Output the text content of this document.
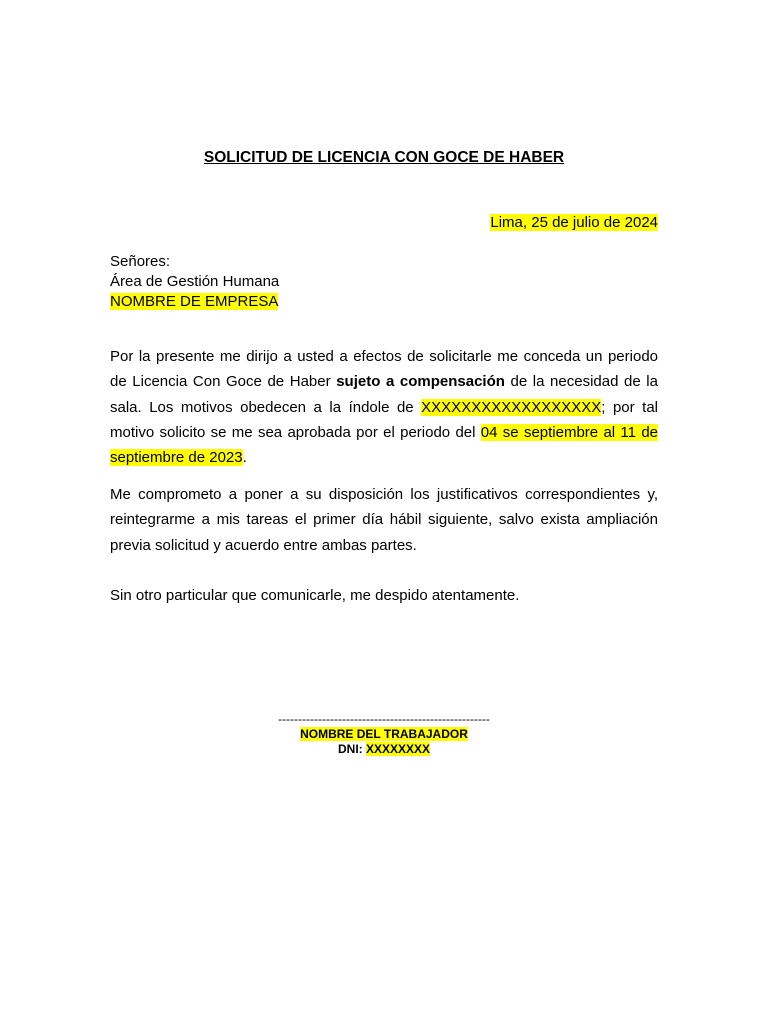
SOLICITUD DE LICENCIA CON GOCE DE HABER
Lima, 25 de julio de 2024
Señores:
Área de Gestión Humana
NOMBRE DE EMPRESA
Por la presente me dirijo a usted a efectos de solicitarle me conceda un periodo de Licencia Con Goce de Haber sujeto a compensación de la necesidad de la sala. Los motivos obedecen a la índole de XXXXXXXXXXXXXXXXXX; por tal motivo solicito se me sea aprobada por el periodo del 04 se septiembre al 11 de septiembre de 2023.
Me comprometo a poner a su disposición los justificativos correspondientes y, reintegrarme a mis tareas el primer día hábil siguiente, salvo exista ampliación previa solicitud y acuerdo entre ambas partes.
Sin otro particular que comunicarle, me despido atentamente.
-----------------------------------------------------
NOMBRE DEL TRABAJADOR
DNI: XXXXXXXX
